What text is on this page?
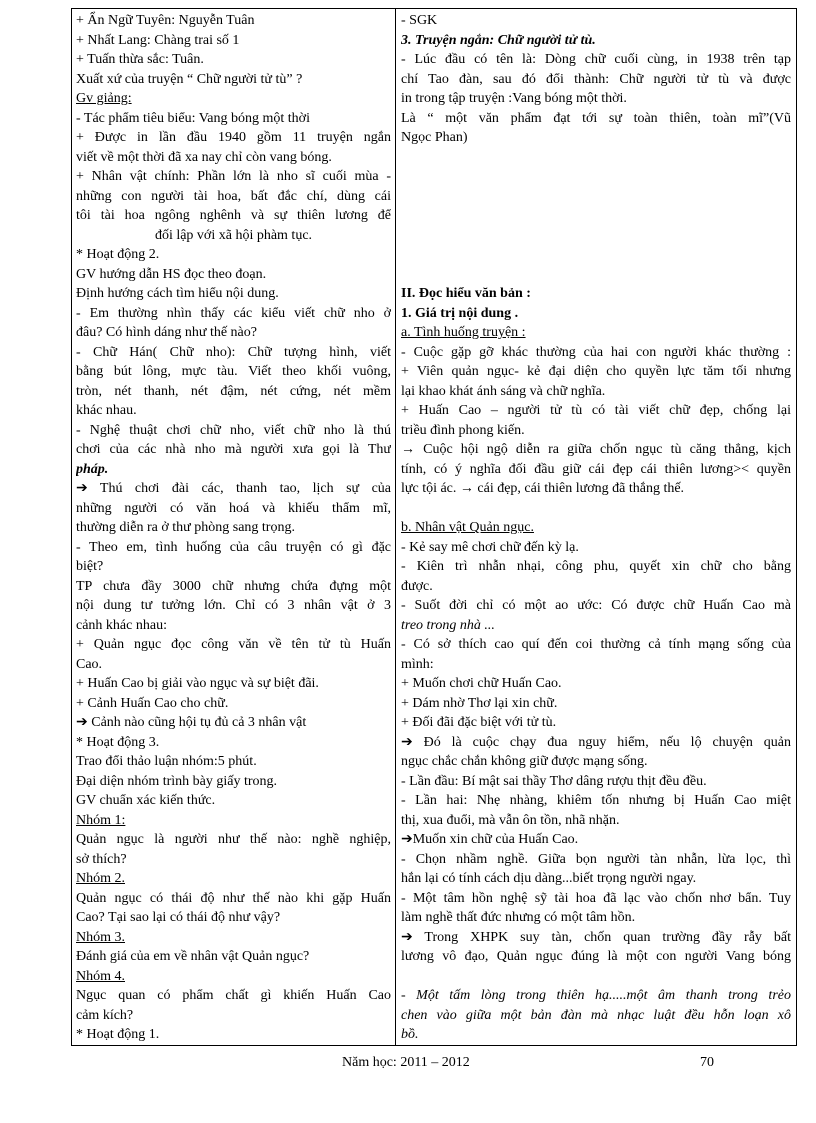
+ Ẩn Ngữ Tuyên: Nguyễn Tuân
+ Nhất Lang: Chàng trai số 1
+ Tuấn thừa sắc: Tuân.
Xuất xứ của truyện “ Chữ người tử tù” ?
Gv giảng:
- Tác phẩm tiêu biểu: Vang bóng một thời
+ Được in lần đầu 1940 gồm 11 truyện ngắn
viết về một thời đã xa nay chỉ còn vang bóng.
+ Nhân vật chính: Phần lớn là nho sĩ cuối mùa -
những con người tài hoa, bất đắc chí, dùng cái
tôi tài hoa ngông nghênh và sự thiên lương để
đối lập với xã hội phàm tục.
* Hoạt động 2.
GV hướng dẫn HS đọc theo đoạn.
Định hướng cách tìm hiểu nội dung.
- Em thường nhìn thấy các kiểu viết chữ nho ở
đâu? Có hình dáng như thế nào?
- Chữ Hán( Chữ nho): Chữ tượng hình, viết
bằng bút lông, mực tàu. Viết theo khối vuông,
tròn, nét thanh, nét đậm, nét cứng, nét mềm
khác nhau.
- Nghệ thuật chơi chữ nho, viết chữ nho là thú
chơi của các nhà nho mà người xưa gọi là Thư
pháp.
➔ Thú chơi đài các, thanh tao, lịch sự của
những người có văn hoá và khiếu thẩm mĩ,
thường diễn ra ở thư phòng sang trọng.
- Theo em, tình huống của câu truyện có gì đặc
biệt?
TP chưa đầy 3000 chữ nhưng chứa đựng một
nội dung tư tưởng lớn. Chỉ có 3 nhân vật ở 3
cảnh khác nhau:
+ Quản ngục đọc công văn về tên tử tù Huấn
Cao.
+ Huấn Cao bị giải vào ngục và sự biệt đãi.
+ Cảnh Huấn Cao cho chữ.
➔ Cảnh nào cũng hội tụ đủ cả 3 nhân vật
* Hoạt động 3.
Trao đổi thảo luận nhóm:5 phút.
Đại diện nhóm trình bày giấy trong.
GV chuẩn xác kiến thức.
Nhóm 1:
Quản ngục là người như thế nào: nghề nghiệp,
sở thích?
Nhóm 2.
Quản ngục có thái độ như thế nào khi gặp Huấn
Cao? Tại sao lại có thái độ như vậy?
Nhóm 3.
Đánh giá của em về nhân vật Quản ngục?
Nhóm 4.
Ngục quan có phẩm chất gì khiến Huấn Cao
cảm kích?
* Hoạt động 1.
- SGK
3. Truyện ngắn: Chữ người tử tù.
- Lúc đầu có tên là: Dòng chữ cuối cùng, in 1938 trên tạp
chí Tao đàn, sau đó đổi thành: Chữ người tử tù và được
in trong tập truyện :Vang bóng một thời.
Là “ một văn phẩm đạt tới sự toàn thiên, toàn mĩ”(Vũ
Ngọc Phan)
II. Đọc hiểu văn bản :
1. Giá trị nội dung .
a. Tình huống truyện :
- Cuộc gặp gỡ khác thường của hai con người khác thường :
+ Viên quản ngục- kẻ đại diện cho quyền lực tăm tối nhưng
lại khao khát ánh sáng và chữ nghĩa.
+ Huấn Cao – người tử tù có tài viết chữ đẹp, chống lại
triều đình phong kiến.
→ Cuộc hội ngộ diễn ra giữa chốn ngục tù căng thẳng, kịch
tính, có ý nghĩa đối đầu giữ cái đẹp cái thiên lương>< quyền
lực tội ác. → cái đẹp, cái thiên lương đã thắng thế.
b. Nhân vật Quản ngục.
- Kẻ say mê chơi chữ đến kỳ lạ.
- Kiên trì nhẫn nhại, công phu, quyết xin chữ cho bằng
được.
- Suốt đời chỉ có một ao ước: Có được chữ Huấn Cao mà
treo trong nhà ...
- Có sở thích cao quí đến coi thường cả tính mạng sống của
mình:
+ Muốn chơi chữ Huấn Cao.
+ Dám nhờ Thơ lại xin chữ.
+ Đối đãi đặc biệt với tử tù.
➔ Đó là cuộc chạy đua nguy hiểm, nếu lộ chuyện quản
ngục chắc chắn không giữ được mạng sống.
- Lần đầu: Bí mật sai thầy Thơ dâng rượu thịt đều đều.
- Lần hai: Nhẹ nhàng, khiêm tốn nhưng bị Huấn Cao miệt
thị, xua đuổi, mà vẫn ôn tồn, nhã nhặn.
➔Muốn xin chữ của Huấn Cao.
- Chọn nhầm nghề. Giữa bọn người tàn nhẫn, lừa lọc, thì
hắn lại có tính cách dịu dàng...biết trọng người ngay.
- Một tâm hồn nghệ sỹ tài hoa đã lạc vào chốn nhơ bẩn. Tuy
làm nghề thất đức nhưng có một tâm hồn.
➔ Trong XHPK suy tàn, chốn quan trường đầy rẫy bất
lương vô đạo, Quản ngục đúng là một con người Vang bóng
- Một tấm lòng trong thiên hạ.....một âm thanh trong trẻo
chen vào giữa một bản đàn mà nhạc luật đều hỗn loạn xô
bồ.
Năm học: 2011 – 2012	70
